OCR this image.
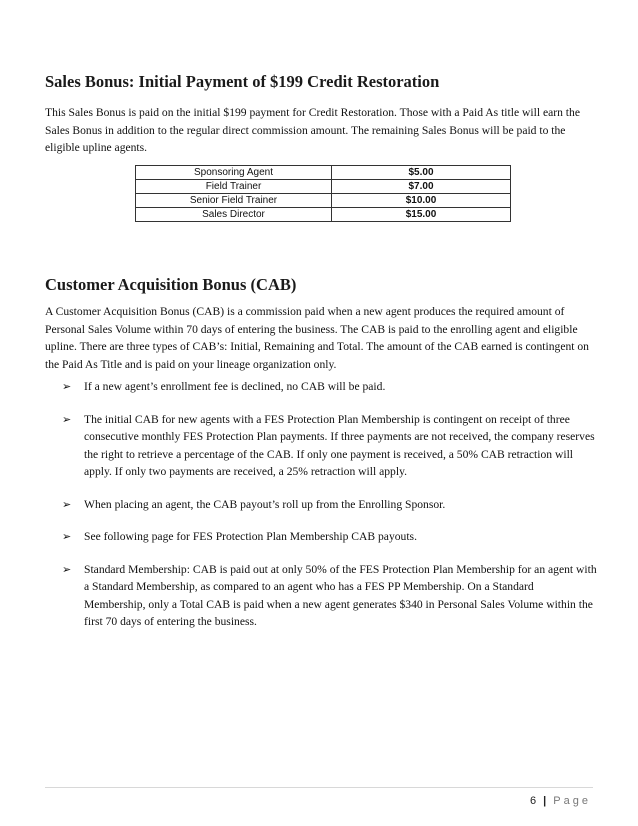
Sales Bonus: Initial Payment of $199 Credit Restoration

This Sales Bonus is paid on the initial $199 payment for Credit Restoration. Those with a Paid As title will earn the Sales Bonus in addition to the regular direct commission amount. The remaining Sales Bonus will be paid to the eligible upline agents.

Sponsoring Agent	$5.00
Field Trainer	$7.00
Senior Field Trainer	$10.00
Sales Director	$15.00
Customer Acquisition Bonus (CAB)

A Customer Acquisition Bonus (CAB) is a commission paid when a new agent produces the required amount of Personal Sales Volume within 70 days of entering the business. The CAB is paid to the enrolling agent and eligible upline. There are three types of CAB’s: Initial, Remaining and Total. The amount of the CAB earned is contingent on the Paid As Title and is paid on your lineage organization only.

➢ If a new agent’s enrollment fee is declined, no CAB will be paid.
➢ The initial CAB for new agents with a FES Protection Plan Membership is contingent on receipt of three consecutive monthly FES Protection Plan payments. If three payments are not received, the company reserves the right to retrieve a percentage of the CAB. If only one payment is received, a 50% CAB retraction will apply. If only two payments are received, a 25% retraction will apply.
➢ When placing an agent, the CAB payout’s roll up from the Enrolling Sponsor.
➢ See following page for FES Protection Plan Membership CAB payouts.
➢ Standard Membership: CAB is paid out at only 50% of the FES Protection Plan Membership for an agent with a Standard Membership, as compared to an agent who has a FES PP Membership. On a Standard Membership, only a Total CAB is paid when a new agent generates $340 in Personal Sales Volume within the first 70 days of entering the business.
6 | Page
